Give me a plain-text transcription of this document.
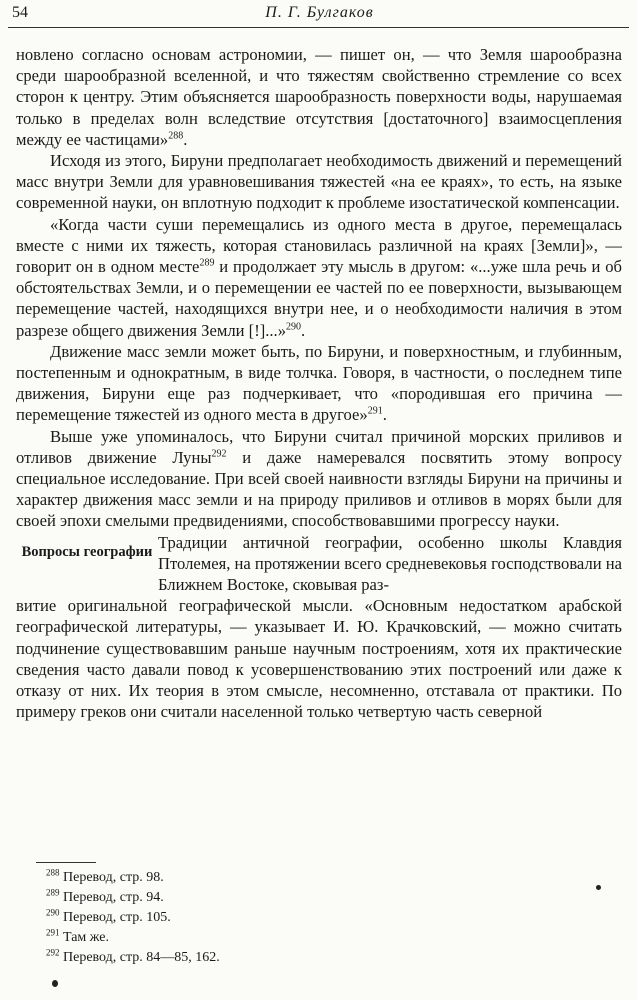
54	П. Г. Булгаков

новлено согласно основам астрономии, — пишет он, — что Земля шарообразна среди шарообразной вселенной, и что тяжестям свойственно стремление со всех сторон к центру. Этим объясняется шарообразность поверхности воды, нарушаемая только в пределах волн вследствие отсутствия [достаточного] взаимосцепления между ее частицами»$^{288}$.

Исходя из этого, Бируни предполагает необходимость движений и перемещений масс внутри Земли для уравновешивания тяжестей «на ее краях», то есть, на языке современной науки, он вплотную подходит к проблеме изостатической компенсации.

«Когда части суши перемещались из одного места в другое, перемещалась вместе с ними их тяжесть, которая становилась различной на краях [Земли]», — говорит он в одном месте$^{289}$ и продолжает эту мысль в другом: «...уже шла речь и об обстоятельствах Земли, и о перемещении ее частей по ее поверхности, вызывающем перемещение частей, находящихся внутри нее, и о необходимости наличия в этом разрезе общего движения Земли [!]...»$^{290}$.

Движение масс земли может быть, по Бируни, и поверхностным, и глубинным, постепенным и однократным, в виде толчка. Говоря, в частности, о последнем типе движения, Бируни еще раз подчеркивает, что «породившая его причина — перемещение тяжестей из одного места в другое»$^{291}$.

Выше уже упоминалось, что Бируни считал причиной морских приливов и отливов движение Луны$^{292}$ и даже намеревался посвятить этому вопросу специальное исследование. При всей своей наивности взгляды Бируни на причины и характер движения масс земли и на природу приливов и отливов в морях были для своей эпохи смелыми предвидениями, способствовавшими прогрессу науки.

Вопросы географии Традиции античной географии, особенно школы Клавдия Птолемея, на протяжении всего средневековья господствовали на Ближнем Востоке, сковывая раз-

витие оригинальной географической мысли. «Основным недостатком арабской географической литературы, — указывает И. Ю. Крачковский, — можно считать подчинение существовавшим раньше научным построениям, хотя их практические сведения часто давали повод к усовершенствованию этих построений или даже к отказу от них. Их теория в этом смысле, несомненно, отставала от практики. По примеру греков они считали населенной только четвертую часть северной

$^{288}$ Перевод, стр. 98.

$^{289}$ Перевод, стр. 94.

$^{290}$ Перевод, стр. 105.

$^{291}$ Там же.

$^{292}$ Перевод, стр. 84—85, 162.
